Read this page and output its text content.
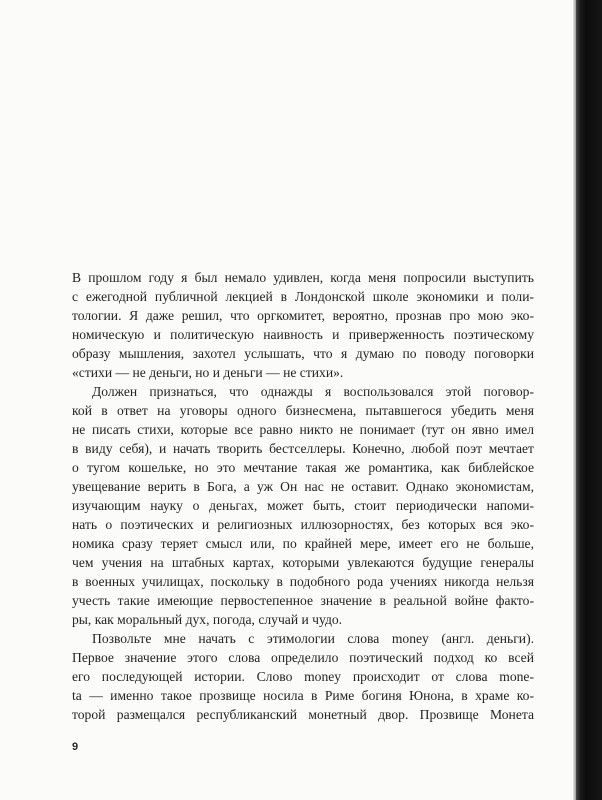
В прошлом году я был немало удивлен, когда меня попросили выступить
с ежегодной публичной лекцией в Лондонской школе экономики и поли-
тологии. Я даже решил, что оргкомитет, вероятно, прознав про мою эко-
номическую и политическую наивность и приверженность поэтическому
образу мышления, захотел услышать, что я думаю по поводу поговорки
«стихи — не деньги, но и деньги — не стихи».
Должен признаться, что однажды я воспользовался этой поговор-
кой в ответ на уговоры одного бизнесмена, пытавшегося убедить меня
не писать стихи, которые все равно никто не понимает (тут он явно имел
в виду себя), и начать творить бестселлеры. Конечно, любой поэт мечтает
о тугом кошельке, но это мечтание такая же романтика, как библейское
увещевание верить в Бога, а уж Он нас не оставит. Однако экономистам,
изучающим науку о деньгах, может быть, стоит периодически напоми-
нать о поэтических и религиозных иллюзорностях, без которых вся эко-
номика сразу теряет смысл или, по крайней мере, имеет его не больше,
чем учения на штабных картах, которыми увлекаются будущие генералы
в военных училищах, поскольку в подобного рода учениях никогда нельзя
учесть такие имеющие первостепенное значение в реальной войне факто-
ры, как моральный дух, погода, случай и чудо.
Позвольте мне начать с этимологии слова money (англ. деньги).
Первое значение этого слова определило поэтический подход ко всей
его последующей истории. Слово money происходит от слова mone-
ta — именно такое прозвище носила в Риме богиня Юнона, в храме ко-
торой размещался республиканский монетный двор. Прозвище Монета
9
